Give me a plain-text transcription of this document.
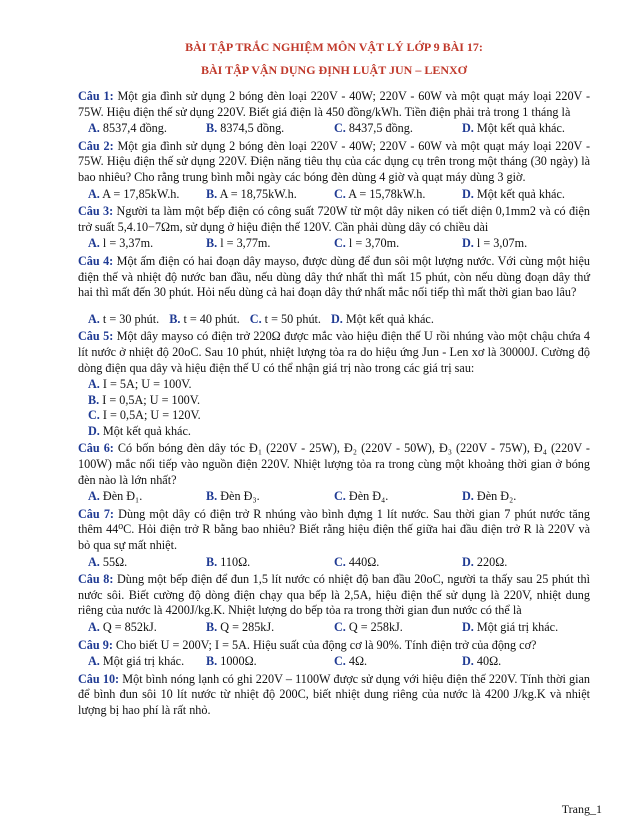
BÀI TẬP TRẮC NGHIỆM MÔN VẬT LÝ LỚP 9 BÀI 17:
BÀI TẬP VẬN DỤNG ĐỊNH LUẬT JUN – LENXƠ
Câu 1: Một gia đình sử dụng 2 bóng đèn loại 220V - 40W; 220V - 60W và một quạt máy loại 220V - 75W. Hiệu điện thế sử dụng 220V. Biết giá điện là 450 đồng/kWh. Tiền điện phải trả trong 1 tháng là
A. 8537,4 đồng.	B. 8374,5 đồng.	C. 8437,5 đồng.	D. Một kết quả khác.
Câu 2: Một gia đình sử dụng 2 bóng đèn loại 220V - 40W; 220V - 60W và một quạt máy loại 220V - 75W. Hiệu điện thế sử dụng 220V. Điện năng tiêu thụ của các dụng cụ trên trong một tháng (30 ngày) là bao nhiêu? Cho rằng trung bình mỗi ngày các bóng đèn dùng 4 giờ và quạt máy dùng 3 giờ.
A. A = 17,85kW.h.	B. A = 18,75kW.h.	C. A = 15,78kW.h.	D. Một kết quả khác.
Câu 3: Người ta làm một bếp điện có công suất 720W từ một dây niken có tiết diện 0,1mm2 và có điện trở suất 5,4.10−7Ωm, sử dụng ở hiệu điện thế 120V. Cần phải dùng dây có chiều dài
A. l = 3,37m.	B. l = 3,77m.	C. l = 3,70m.	D. l = 3,07m.
Câu 4: Một ấm điện có hai đoạn dây mayso, được dùng để đun sôi một lượng nước. Với cùng một hiệu điện thế và nhiệt độ nước ban đầu, nếu dùng dây thứ nhất thì mất 15 phút, còn nếu dùng đoạn dây thứ hai thì mất đến 30 phút. Hỏi nếu dùng cả hai đoạn dây thứ nhất mắc nối tiếp thì mất thời gian bao lâu?
A. t = 30 phút. B. t = 40 phút. C. t = 50 phút. D. Một kết quả khác.
Câu 5: Một dây mayso có điện trở 220Ω được mắc vào hiệu điện thế U rồi nhúng vào một chậu chứa 4 lít nước ở nhiệt độ 20oC. Sau 10 phút, nhiệt lượng tỏa ra do hiệu ứng Jun - Len xơ là 30000J. Cường độ dòng điện qua dây và hiệu điện thế U có thể nhận giá trị nào trong các giá trị sau:
A. I = 5A; U = 100V.
B. I = 0,5A; U = 100V.
C. I = 0,5A; U = 120V.
D. Một kết quả khác.
Câu 6: Có bốn bóng đèn dây tóc Đ₁ (220V - 25W), Đ₂ (220V - 50W), Đ₃ (220V - 75W), Đ₄ (220V - 100W) mắc nối tiếp vào nguồn điện 220V. Nhiệt lượng tỏa ra trong cùng một khoảng thời gian ở bóng đèn nào là lớn nhất?
A. Đèn Đ₁.	B. Đèn Đ₃.	C. Đèn Đ₄.	D. Đèn Đ₂.
Câu 7: Dùng một dây có điện trở R nhúng vào bình đựng 1 lít nước. Sau thời gian 7 phút nước tăng thêm 44⁰C. Hỏi điện trở R bằng bao nhiêu? Biết rằng hiệu điện thế giữa hai đầu điện trở R là 220V và bỏ qua sự mất nhiệt.
A. 55Ω.	B. 110Ω.	C. 440Ω.	D. 220Ω.
Câu 8: Dùng một bếp điện để đun 1,5 lít nước có nhiệt độ ban đầu 20oC, người ta thấy sau 25 phút thì nước sôi. Biết cường độ dòng điện chạy qua bếp là 2,5A, hiệu điện thế sử dụng là 220V, nhiệt dung riêng của nước là 4200J/kg.K. Nhiệt lượng do bếp tỏa ra trong thời gian đun nước có thể là
A. Q = 852kJ.	B. Q = 285kJ.	C. Q = 258kJ.	D. Một giá trị khác.
Câu 9: Cho biết U = 200V; I = 5A. Hiệu suất của động cơ là 90%. Tính điện trở của động cơ?
A. Một giá trị khác.	B. 1000Ω.	C. 4Ω.	D. 40Ω.
Câu 10: Một bình nóng lạnh có ghi 220V – 1100W được sử dụng với hiệu điện thế 220V. Tính thời gian để bình đun sôi 10 lít nước từ nhiệt độ 200C, biết nhiệt dung riêng của nước là 4200 J/kg.K và nhiệt lượng bị hao phí là rất nhỏ.
Trang_1
